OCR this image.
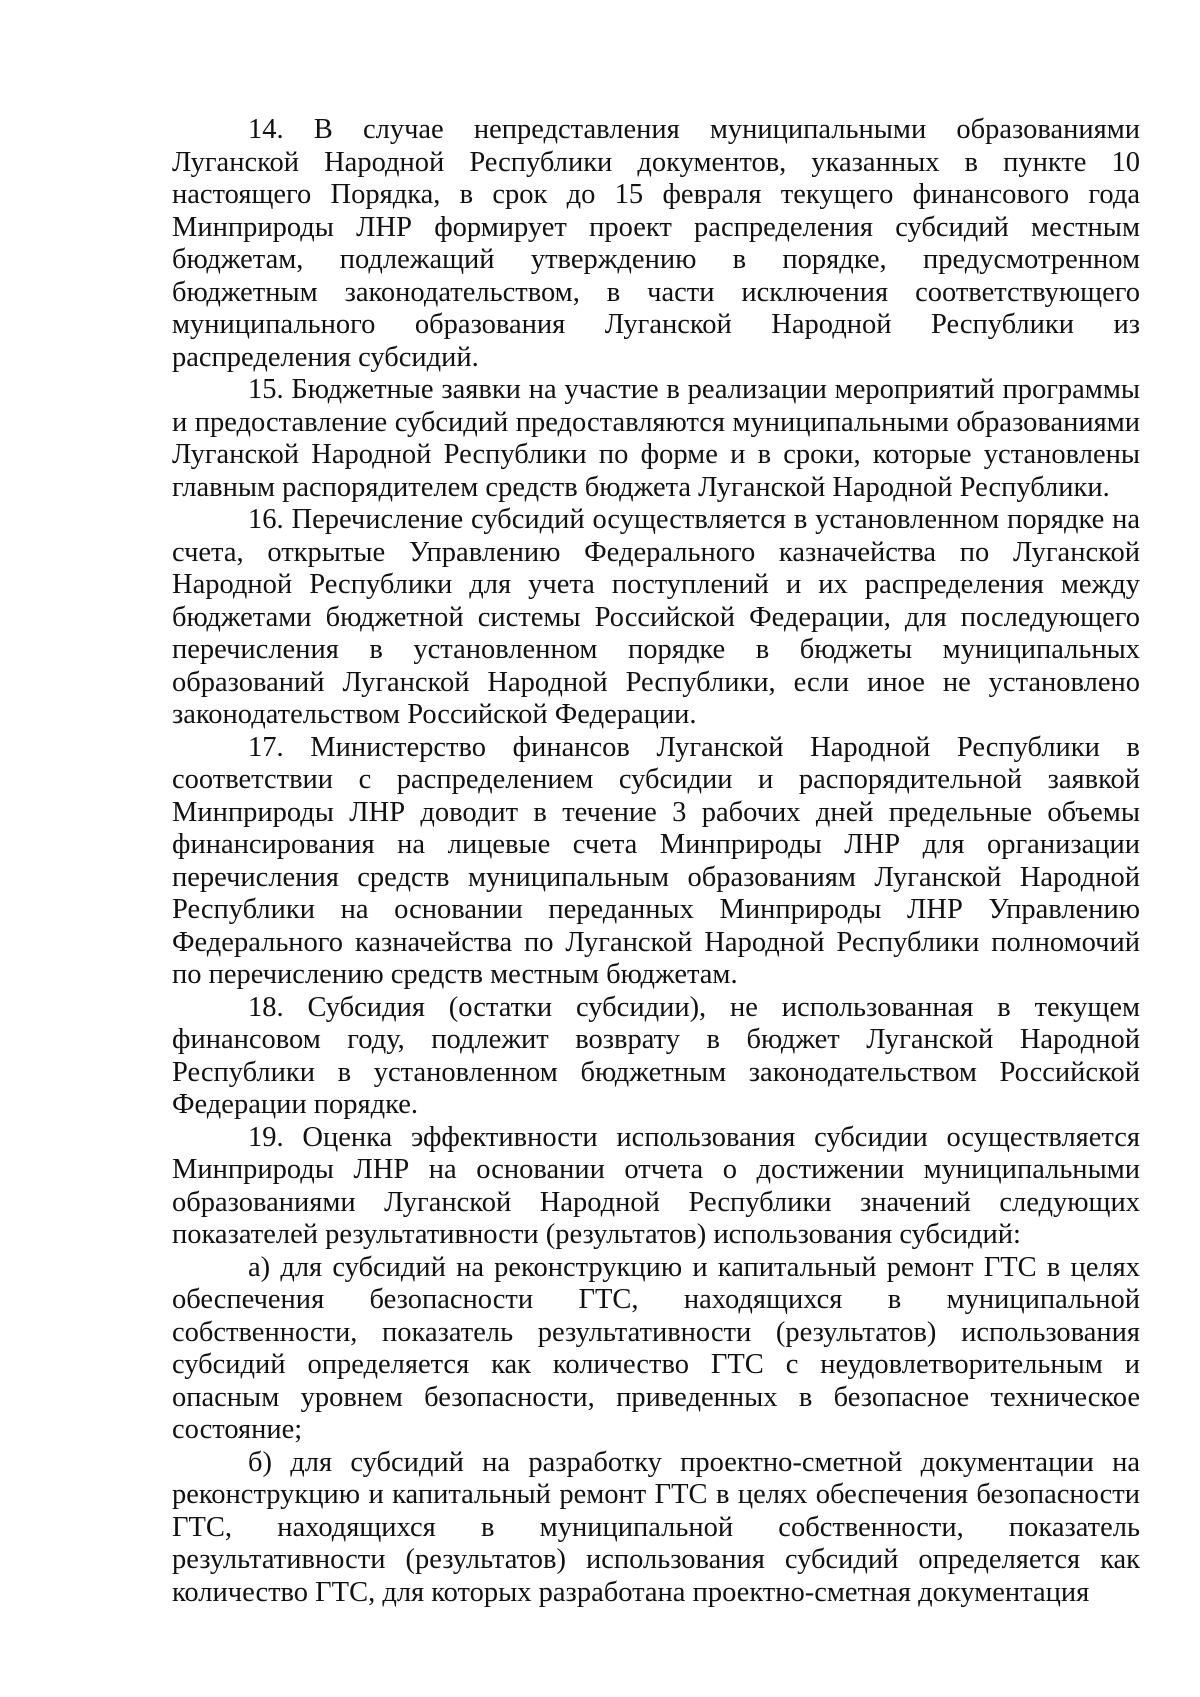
14. В случае непредставления муниципальными образованиями Луганской Народной Республики документов, указанных в пункте 10 настоящего Порядка, в срок до 15 февраля текущего финансового года Минприроды ЛНР формирует проект распределения субсидий местным бюджетам, подлежащий утверждению в порядке, предусмотренном бюджетным законодательством, в части исключения соответствующего муниципального образования Луганской Народной Республики из распределения субсидий.

15. Бюджетные заявки на участие в реализации мероприятий программы и предоставление субсидий предоставляются муниципальными образованиями Луганской Народной Республики по форме и в сроки, которые установлены главным распорядителем средств бюджета Луганской Народной Республики.

16. Перечисление субсидий осуществляется в установленном порядке на счета, открытые Управлению Федерального казначейства по Луганской Народной Республики для учета поступлений и их распределения между бюджетами бюджетной системы Российской Федерации, для последующего перечисления в установленном порядке в бюджеты муниципальных образований Луганской Народной Республики, если иное не установлено законодательством Российской Федерации.

17. Министерство финансов Луганской Народной Республики в соответствии с распределением субсидии и распорядительной заявкой Минприроды ЛНР доводит в течение 3 рабочих дней предельные объемы финансирования на лицевые счета Минприроды ЛНР для организации перечисления средств муниципальным образованиям Луганской Народной Республики на основании переданных Минприроды ЛНР Управлению Федерального казначейства по Луганской Народной Республики полномочий по перечислению средств местным бюджетам.

18. Субсидия (остатки субсидии), не использованная в текущем финансовом году, подлежит возврату в бюджет Луганской Народной Республики в установленном бюджетным законодательством Российской Федерации порядке.

19. Оценка эффективности использования субсидии осуществляется Минприроды ЛНР на основании отчета о достижении муниципальными образованиями Луганской Народной Республики значений следующих показателей результативности (результатов) использования субсидий:

а) для субсидий на реконструкцию и капитальный ремонт ГТС в целях обеспечения безопасности ГТС, находящихся в муниципальной собственности, показатель результативности (результатов) использования субсидий определяется как количество ГТС с неудовлетворительным и опасным уровнем безопасности, приведенных в безопасное техническое состояние;

б) для субсидий на разработку проектно-сметной документации на реконструкцию и капитальный ремонт ГТС в целях обеспечения безопасности ГТС, находящихся в муниципальной собственности, показатель результативности (результатов) использования субсидий определяется как количество ГТС, для которых разработана проектно-сметная документация
